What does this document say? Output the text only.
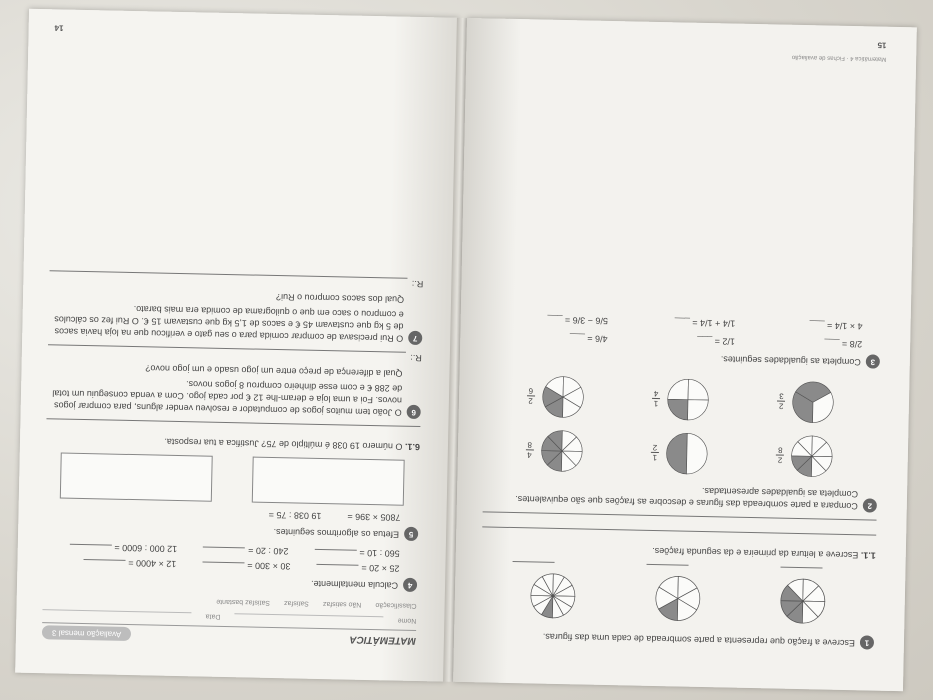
MATEMÁTICA
Avaliação mensal 3
Nome
Data
Classificação
Não satisfaz
Satisfaz
Satisfaz bastante
4
Calcula mentalmente.
25 × 20 =
30 × 300 =
12 × 4000 =
560 : 10 =
240 : 20 =
12 000 : 6000 =
5
Efetua os algoritmos seguintes.
7805 × 396 =
19 038 : 75 =
6.1. O número 19 038 é múltiplo de 75? Justifica a tua resposta.
6
O João tem muitos jogos de computador e resolveu vender alguns, para comprar jogos novos. Foi a uma loja e deram-lhe 12 € por cada jogo. Com a venda conseguiu um total de 288 € e com esse dinheiro comprou 8 jogos novos.
Qual a diferença de preço entre um jogo usado e um jogo novo?
R.:
7
O Rui precisava de comprar comida para o seu gato e verificou que na loja havia sacos de 5 kg que custavam 45 € e sacos de 1,5 kg que custavam 15 €. O Rui fez os cálculos e comprou o saco em que o quilograma de comida era mais barato.
Qual dos sacos comprou o Rui?
R.:
14
1
Escreve a fração que representa a parte sombreada de cada uma das figuras.
1.1. Escreve a leitura da primeira e da segunda frações.
2
Compara a parte sombreada das figuras e descobre as frações que são equivalentes. Completa as igualdades apresentadas.
2
8
1
2
4
8
2
3
1
4
2
6
3
Completa as igualdades seguintes.
2/8 = ___
1/2 = ___
4/6 = ___
4 × 1/4 = ___
1/4 + 1/4 = ___
5/6 − 3/6 = ___
Matemática 4 · Fichas de avaliação
15
